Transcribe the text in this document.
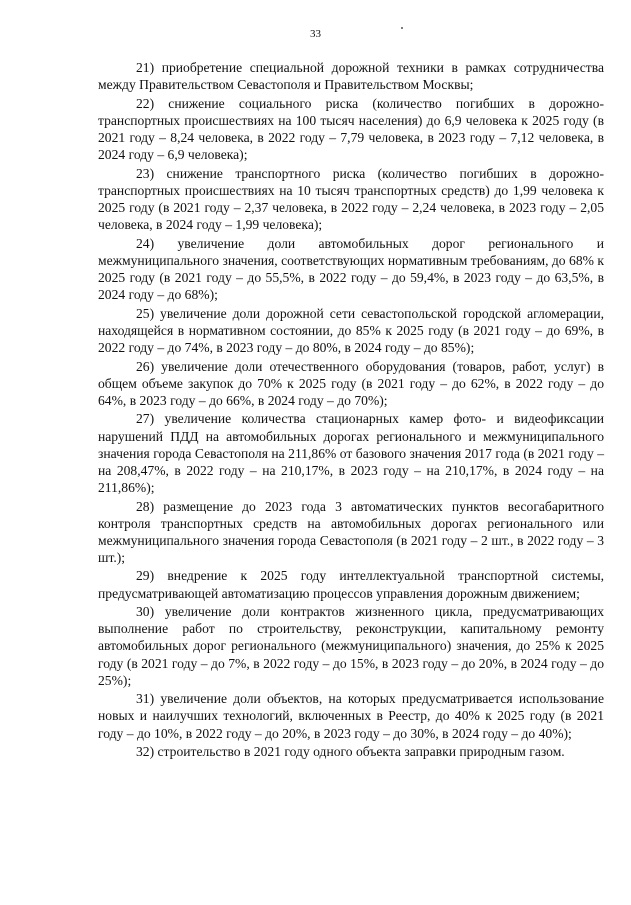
33

21) приобретение специальной дорожной техники в рамках сотрудничества между Правительством Севастополя и Правительством Москвы;

22) снижение социального риска (количество погибших в дорожно-транспортных происшествиях на 100 тысяч населения) до 6,9 человека к 2025 году (в 2021 году – 8,24 человека, в 2022 году – 7,79 человека, в 2023 году – 7,12 человека, в 2024 году – 6,9 человека);

23) снижение транспортного риска (количество погибших в дорожно-транспортных происшествиях на 10 тысяч транспортных средств) до 1,99 человека к 2025 году (в 2021 году – 2,37 человека, в 2022 году – 2,24 человека, в 2023 году – 2,05 человека, в 2024 году – 1,99 человека);

24) увеличение доли автомобильных дорог регионального и межмуниципального значения, соответствующих нормативным требованиям, до 68% к 2025 году (в 2021 году – до 55,5%, в 2022 году – до 59,4%, в 2023 году – до 63,5%, в 2024 году – до 68%);

25) увеличение доли дорожной сети севастопольской городской агломерации, находящейся в нормативном состоянии, до 85% к 2025 году (в 2021 году – до 69%, в 2022 году – до 74%, в 2023 году – до 80%, в 2024 году – до 85%);

26) увеличение доли отечественного оборудования (товаров, работ, услуг) в общем объеме закупок до 70% к 2025 году (в 2021 году – до 62%, в 2022 году – до 64%, в 2023 году – до 66%, в 2024 году – до 70%);

27) увеличение количества стационарных камер фото- и видеофиксации нарушений ПДД на автомобильных дорогах регионального и межмуниципального значения города Севастополя на 211,86% от базового значения 2017 года (в 2021 году – на 208,47%, в 2022 году – на 210,17%, в 2023 году – на 210,17%, в 2024 году – на 211,86%);

28) размещение до 2023 года 3 автоматических пунктов весогабаритного контроля транспортных средств на автомобильных дорогах регионального или межмуниципального значения города Севастополя (в 2021 году – 2 шт., в 2022 году – 3 шт.);

29) внедрение к 2025 году интеллектуальной транспортной системы, предусматривающей автоматизацию процессов управления дорожным движением;

30) увеличение доли контрактов жизненного цикла, предусматривающих выполнение работ по строительству, реконструкции, капитальному ремонту автомобильных дорог регионального (межмуниципального) значения, до 25% к 2025 году (в 2021 году – до 7%, в 2022 году – до 15%, в 2023 году – до 20%, в 2024 году – до 25%);

31) увеличение доли объектов, на которых предусматривается использование новых и наилучших технологий, включенных в Реестр, до 40% к 2025 году (в 2021 году – до 10%, в 2022 году – до 20%, в 2023 году – до 30%, в 2024 году – до 40%);

32) строительство в 2021 году одного объекта заправки природным газом.
